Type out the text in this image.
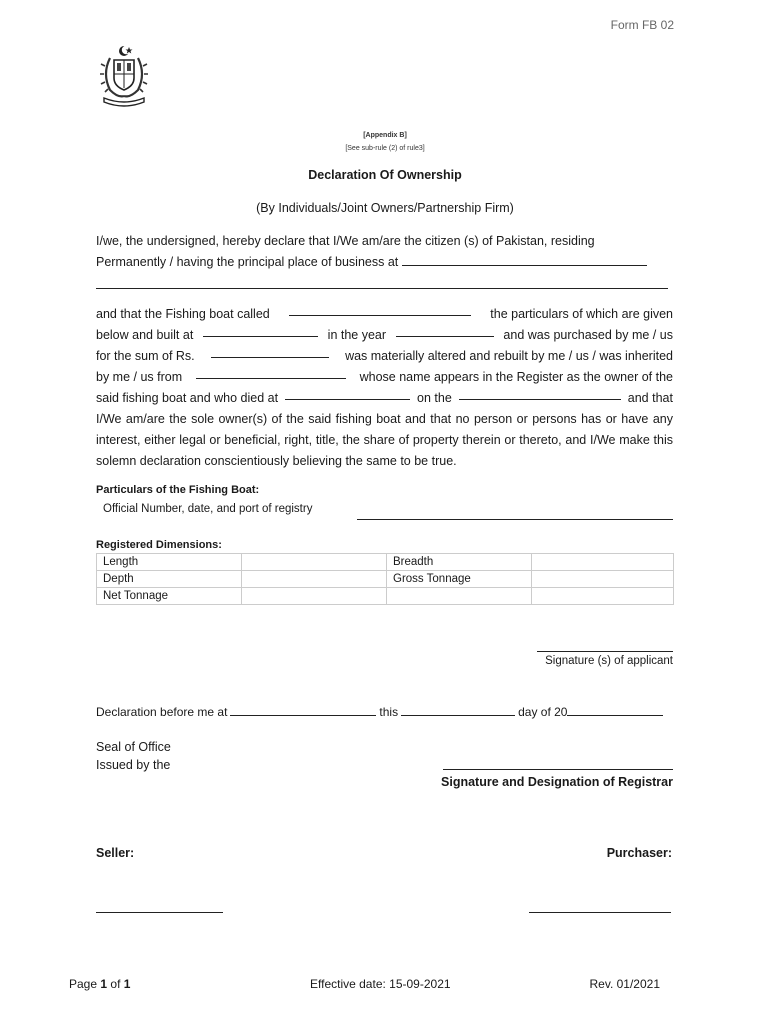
Form FB 02
[Appendix B]
[See sub-rule (2) of rule3]
Declaration Of Ownership
(By Individuals/Joint Owners/Partnership Firm)

I/we, the undersigned, hereby declare that I/We am/are the citizen (s) of Pakistan, residing

Permanently / having the principal place of business at

and that the Fishing boat called	the particulars of which are given

below and built at	in the year	and was purchased by me / us

for the sum of Rs.	was materially altered and rebuilt by me / us / was inherited

by me / us from	whose name appears in the Register as the owner of the

said fishing boat and who died at	on the	and that

I/We am/are the sole owner(s) of the said fishing boat and that no person or persons has or have any interest, either legal or beneficial, right, title, the share of property therein or thereto, and I/We make this solemn declaration conscientiously believing the same to be true.

Particulars of the Fishing Boat:
Official Number, date, and port of registry
Registered Dimensions:
Length		Breadth	
Depth		Gross Tonnage	
Net Tonnage			
Signature (s) of applicant
Declaration before me at	this	day of 20
Seal of Office
Issued by the
Signature and Designation of Registrar
Seller:	Purchaser:
Page 1 of 1	Effective date: 15-09-2021	Rev. 01/2021
